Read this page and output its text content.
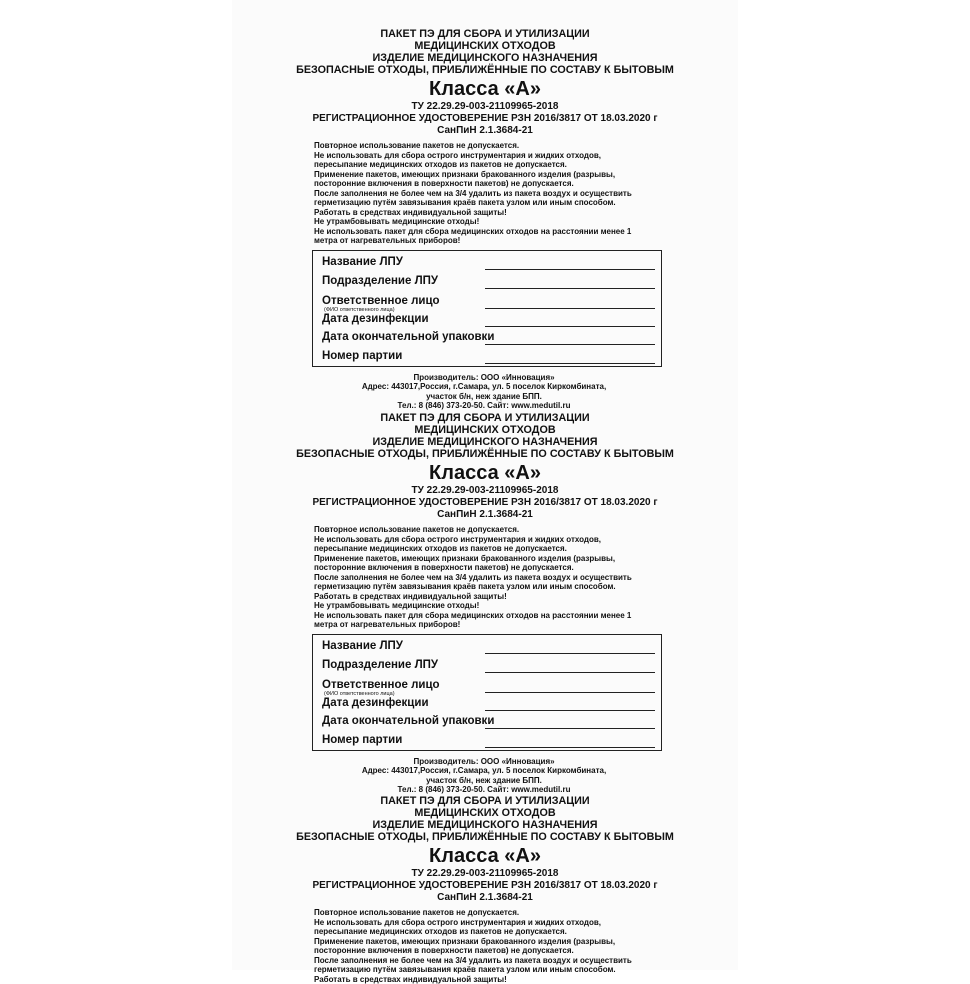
ПАКЕТ ПЭ ДЛЯ СБОРА И УТИЛИЗАЦИИ
МЕДИЦИНСКИХ ОТХОДОВ
ИЗДЕЛИЕ МЕДИЦИНСКОГО НАЗНАЧЕНИЯ
БЕЗОПАСНЫЕ ОТХОДЫ, ПРИБЛИЖЁННЫЕ ПО СОСТАВУ К БЫТОВЫМ
Класса «А»
ТУ 22.29.29-003-21109965-2018
РЕГИСТРАЦИОННОЕ УДОСТОВЕРЕНИЕ РЗН 2016/3817 ОТ 18.03.2020 г
СанПиН 2.1.3684-21
Повторное использование пакетов не допускается.
Не использовать для сбора острого инструментария и жидких отходов,
пересыпание медицинских отходов из пакетов не допускается.
Применение пакетов, имеющих признаки бракованного изделия (разрывы,
посторонние включения в поверхности пакетов) не допускается.
После заполнения не более чем на 3/4 удалить из пакета воздух и осуществить
герметизацию путём завязывания краёв пакета узлом или иным способом.
Работать в средствах индивидуальной защиты!
Не утрамбовывать медицинские отходы!
Не использовать пакет для сбора медицинских отходов на расстоянии менее 1
метра от нагревательных приборов!
Название ЛПУ
Подразделение ЛПУ
Ответственное лицо
(ФИО ответственного лица)
Дата дезинфекции
Дата окончательной упаковки
Номер партии
Производитель: ООО «Инновация»
Адрес: 443017,Россия, г.Самара, ул. 5 поселок Киркомбината,
участок б/н, неж здание БПП.
Тел.: 8 (846) 373-20-50. Сайт: www.medutil.ru
ПАКЕТ ПЭ ДЛЯ СБОРА И УТИЛИЗАЦИИ
МЕДИЦИНСКИХ ОТХОДОВ
ИЗДЕЛИЕ МЕДИЦИНСКОГО НАЗНАЧЕНИЯ
БЕЗОПАСНЫЕ ОТХОДЫ, ПРИБЛИЖЁННЫЕ ПО СОСТАВУ К БЫТОВЫМ
Класса «А»
ТУ 22.29.29-003-21109965-2018
РЕГИСТРАЦИОННОЕ УДОСТОВЕРЕНИЕ РЗН 2016/3817 ОТ 18.03.2020 г
СанПиН 2.1.3684-21
Повторное использование пакетов не допускается.
Не использовать для сбора острого инструментария и жидких отходов,
пересыпание медицинских отходов из пакетов не допускается.
Применение пакетов, имеющих признаки бракованного изделия (разрывы,
посторонние включения в поверхности пакетов) не допускается.
После заполнения не более чем на 3/4 удалить из пакета воздух и осуществить
герметизацию путём завязывания краёв пакета узлом или иным способом.
Работать в средствах индивидуальной защиты!
Не утрамбовывать медицинские отходы!
Не использовать пакет для сбора медицинских отходов на расстоянии менее 1
метра от нагревательных приборов!
Название ЛПУ
Подразделение ЛПУ
Ответственное лицо
(ФИО ответственного лица)
Дата дезинфекции
Дата окончательной упаковки
Номер партии
Производитель: ООО «Инновация»
Адрес: 443017,Россия, г.Самара, ул. 5 поселок Киркомбината,
участок б/н, неж здание БПП.
Тел.: 8 (846) 373-20-50. Сайт: www.medutil.ru
ПАКЕТ ПЭ ДЛЯ СБОРА И УТИЛИЗАЦИИ
МЕДИЦИНСКИХ ОТХОДОВ
ИЗДЕЛИЕ МЕДИЦИНСКОГО НАЗНАЧЕНИЯ
БЕЗОПАСНЫЕ ОТХОДЫ, ПРИБЛИЖЁННЫЕ ПО СОСТАВУ К БЫТОВЫМ
Класса «А»
ТУ 22.29.29-003-21109965-2018
РЕГИСТРАЦИОННОЕ УДОСТОВЕРЕНИЕ РЗН 2016/3817 ОТ 18.03.2020 г
СанПиН 2.1.3684-21
Повторное использование пакетов не допускается.
Не использовать для сбора острого инструментария и жидких отходов,
пересыпание медицинских отходов из пакетов не допускается.
Применение пакетов, имеющих признаки бракованного изделия (разрывы,
посторонние включения в поверхности пакетов) не допускается.
После заполнения не более чем на 3/4 удалить из пакета воздух и осуществить
герметизацию путём завязывания краёв пакета узлом или иным способом.
Работать в средствах индивидуальной защиты!
